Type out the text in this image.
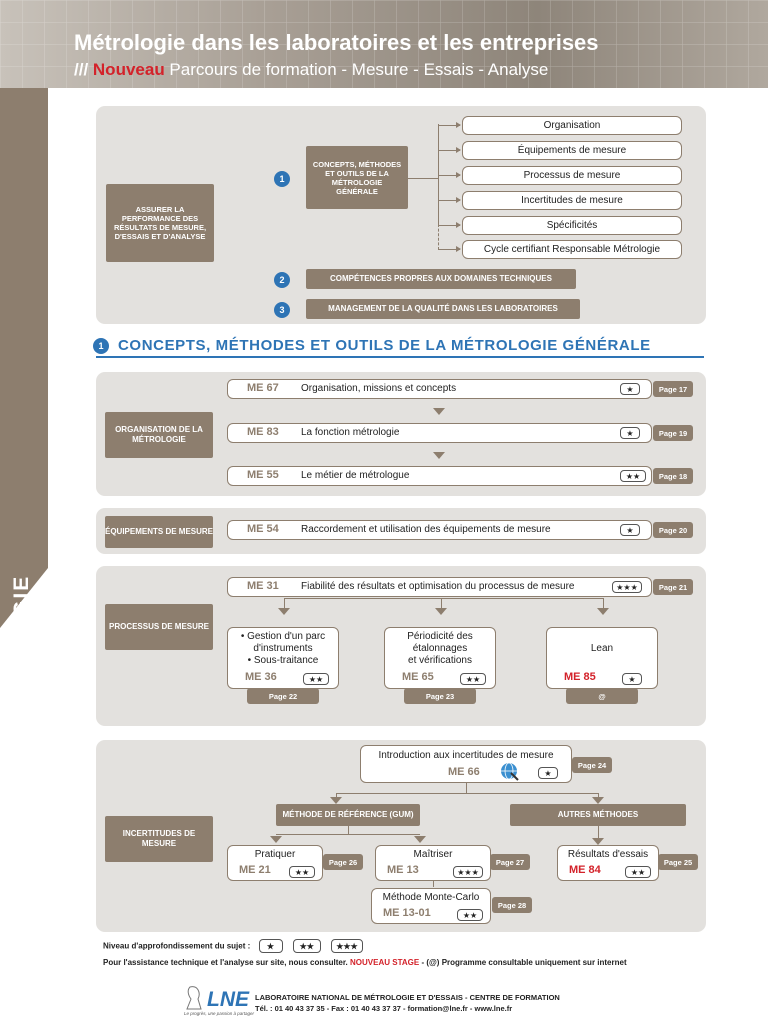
Métrologie dans les laboratoires et les entreprises
/// Nouveau Parcours de formation - Mesure - Essais - Analyse
2015 – MÉTROLOGIE
ASSURER LA PERFORMANCE DES RÉSULTATS DE MESURE, D'ESSAIS ET D'ANALYSE
1
CONCEPTS, MÉTHODES ET OUTILS DE LA MÉTROLOGIE GÉNÉRALE
2	COMPÉTENCES PROPRES AUX DOMAINES TECHNIQUES
3	MANAGEMENT DE LA QUALITÉ DANS LES LABORATOIRES
1 CONCEPTS, MÉTHODES ET OUTILS DE LA MÉTROLOGIE GÉNÉRALE
ORGANISATION DE LA MÉTROLOGIE
ÉQUIPEMENTS DE MESURE
PROCESSUS DE MESURE
INCERTITUDES DE MESURE
Niveau d'approfondissement du sujet : ★	★★	★★★
Pour l'assistance technique et l'analyse sur site, nous consulter. NOUVEAU STAGE - (@) Programme consultable uniquement sur internet
LNE
Le progrès, une passion à partager
LABORATOIRE NATIONAL DE MÉTROLOGIE ET D'ESSAIS - CENTRE DE FORMATION
Tél. : 01 40 43 37 35 - Fax : 01 40 43 37 37 - formation@lne.fr - www.lne.fr
Organisation
Équipements de mesure
Processus de mesure
Incertitudes de mesure
Spécificités
Cycle certifiant Responsable Métrologie
ME 67 Organisation, missions et concepts	★	Page 17
ME 83 La fonction métrologie	★	Page 19
ME 55 Le métier de métrologue	★★	Page 18
ME 54 Raccordement et utilisation des équipements de mesure	★	Page 20
ME 31 Fiabilité des résultats et optimisation du processus de mesure	★★★	Page 21
• Gestion d'un parc
d'instruments
• Sous-traitance
ME 36	★★
Page 22
Périodicité des
étalonnages
et vérifications
ME 65	★★
Page 23
Lean
ME 85	★
@
Introduction aux incertitudes de mesure
ME 66	★
Page 24
MÉTHODE DE RÉFÉRENCE (GUM)	AUTRES MÉTHODES
Pratiquer
ME 21	★★
Page 26
Maîtriser
ME 13	★★★
Page 27
Résultats d'essais
ME 84	★★
Page 25
Méthode Monte-Carlo
ME 13-01	★★
Page 28
